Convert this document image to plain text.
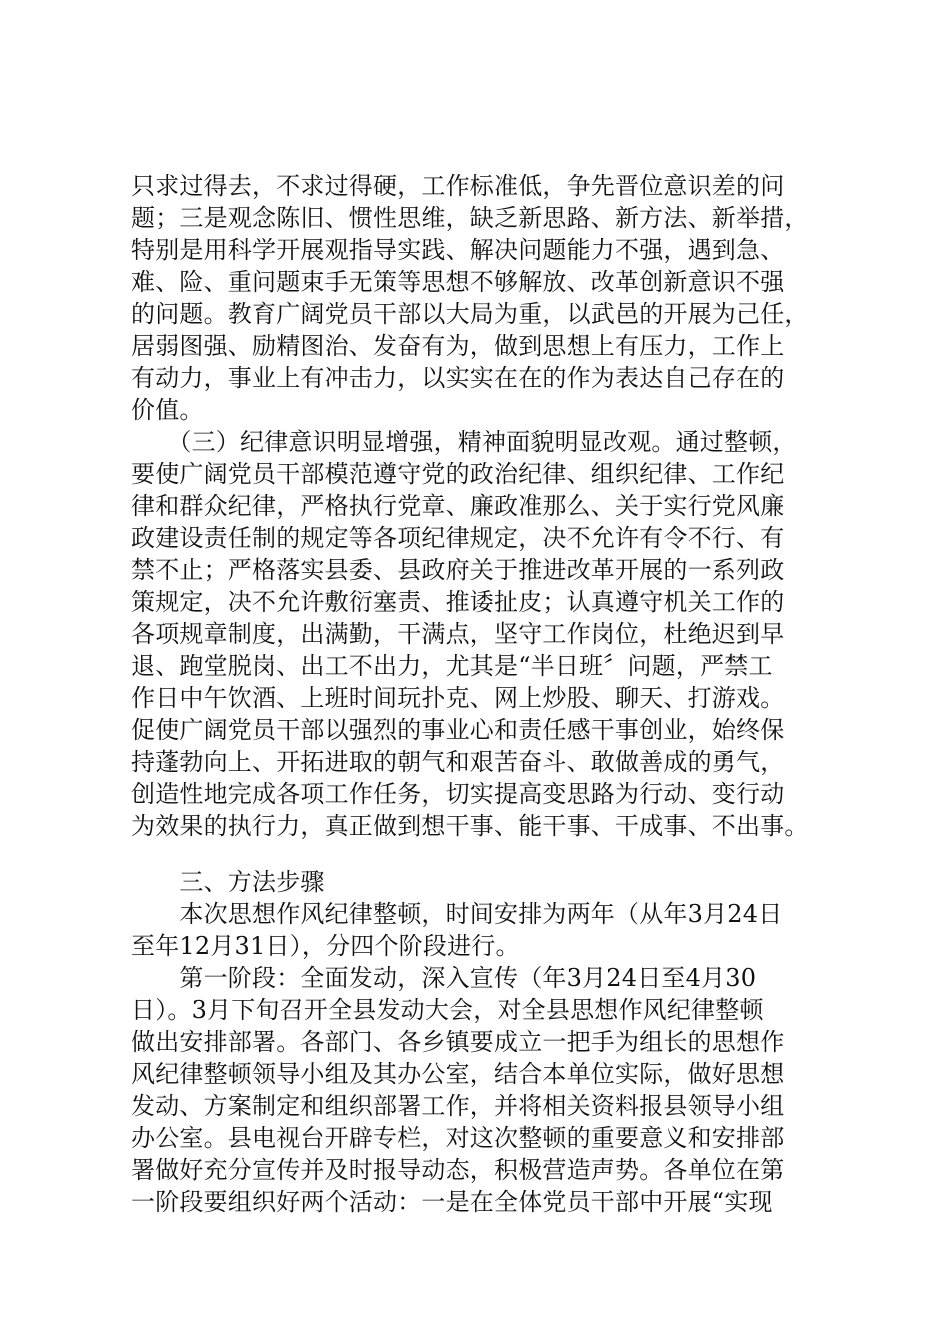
只求过得去，不求过得硬，工作标准低，争先晋位意识差的问
题；三是观念陈旧、惯性思维，缺乏新思路、新方法、新举措，
特别是用科学开展观指导实践、解决问题能力不强，遇到急、
难、险、重问题束手无策等思想不够解放、改革创新意识不强
的问题。教育广阔党员干部以大局为重，以武邑的开展为己任，
居弱图强、励精图治、发奋有为，做到思想上有压力，工作上
有动力，事业上有冲击力，以实实在在的作为表达自己存在的
价值。
　　（三）纪律意识明显增强，精神面貌明显改观。通过整顿，
要使广阔党员干部模范遵守党的政治纪律、组织纪律、工作纪
律和群众纪律，严格执行党章、廉政准那么、关于实行党风廉
政建设责任制的规定等各项纪律规定，决不允许有令不行、有
禁不止；严格落实县委、县政府关于推进改革开展的一系列政
策规定，决不允许敷衍塞责、推诿扯皮；认真遵守机关工作的
各项规章制度，出满勤，干满点，坚守工作岗位，杜绝迟到早
退、跑堂脱岗、出工不出力，尤其是“半日班〞问题，严禁工
作日中午饮酒、上班时间玩扑克、网上炒股、聊天、打游戏。
促使广阔党员干部以强烈的事业心和责任感干事创业，始终保
持蓬勃向上、开拓进取的朝气和艰苦奋斗、敢做善成的勇气，
创造性地完成各项工作任务，切实提高变思路为行动、变行动
为效果的执行力，真正做到想干事、能干事、干成事、不出事。
　　三、方法步骤
　　本次思想作风纪律整顿，时间安排为两年（从年3月24日
至年12月31日），分四个阶段进行。
　　第一阶段：全面发动，深入宣传（年3月24日至4月30
日）。3月下旬召开全县发动大会，对全县思想作风纪律整顿
做出安排部署。各部门、各乡镇要成立一把手为组长的思想作
风纪律整顿领导小组及其办公室，结合本单位实际，做好思想
发动、方案制定和组织部署工作，并将相关资料报县领导小组
办公室。县电视台开辟专栏，对这次整顿的重要意义和安排部
署做好充分宣传并及时报导动态，积极营造声势。各单位在第
一阶段要组织好两个活动：一是在全体党员干部中开展“实现
